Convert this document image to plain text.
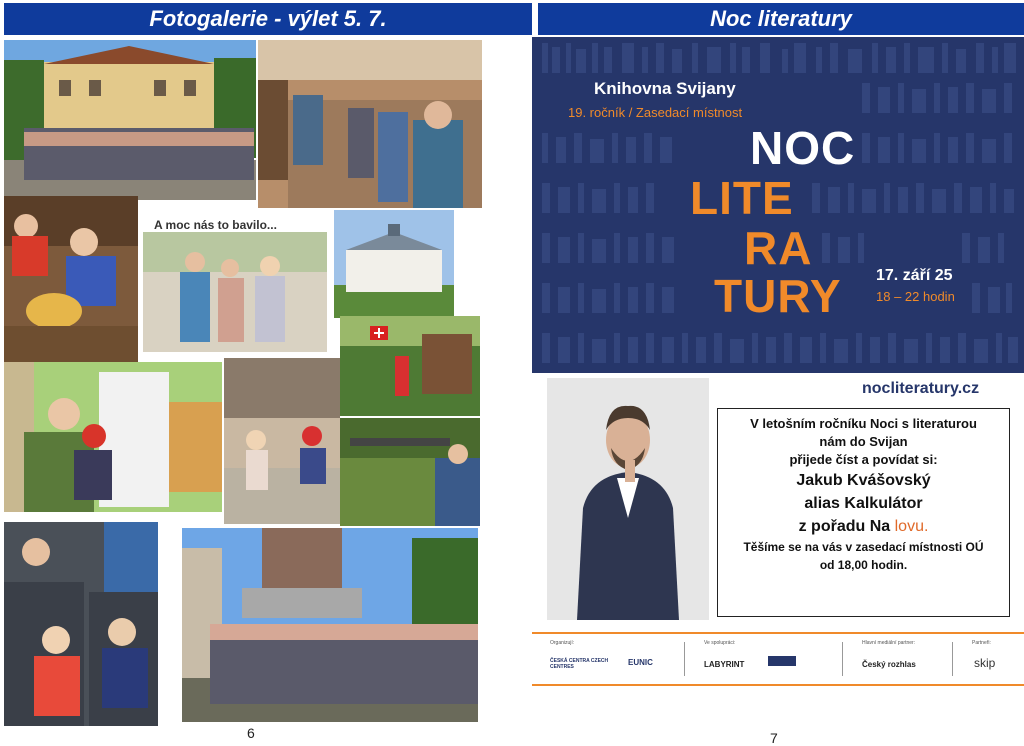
Fotogalerie - výlet 5. 7.
A moc nás to bavilo...
6
Noc literatury
Knihovna Svijany
19. ročník / Zasedací místnost
NOC
LITE
RA
TURY 17. září 25
18 – 22 hodin
nocliteratury.cz
V letošním ročníku Noci s literaturou
nám do Svijan
přijede číst a povídat si:
Jakub Kvášovský
alias Kalkulátor
z pořadu Na lovu.
Těšíme se na vás v zasedací místnosti OÚ
od 18,00 hodin.
Organizují:
ČESKÁ CENTRA CZECH CENTRES	EUNIC
Ve spolupráci:
LABYRINT
Hlavní mediální partner:
Český rozhlas
Partneři:
skip
7
